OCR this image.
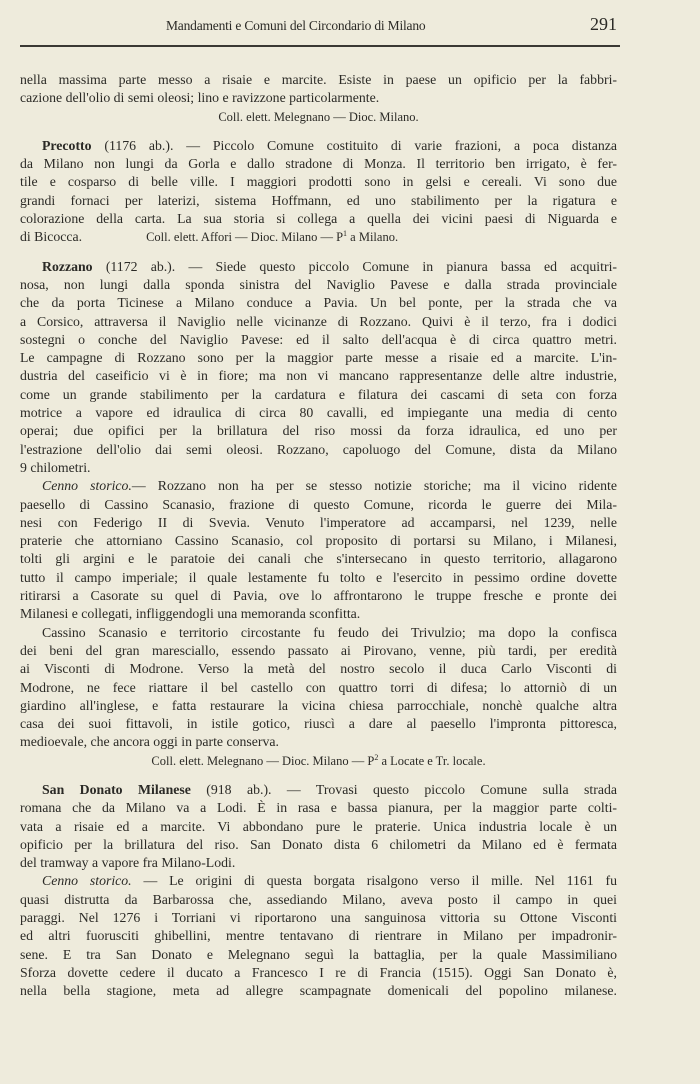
Mandamenti e Comuni del Circondario di Milano	291
nella massima parte messo a risaie e marcite. Esiste in paese un opificio per la fabbri-
cazione dell'olio di semi oleosi; lino e ravizzone particolarmente.
Coll. elett. Melegnano — Dioc. Milano.
Precotto (1176 ab.). — Piccolo Comune costituito di varie frazioni, a poca distanza
da Milano non lungi da Gorla e dallo stradone di Monza. Il territorio ben irrigato, è fer-
tile e cosparso di belle ville. I maggiori prodotti sono in gelsi e cereali. Vi sono due
grandi fornaci per laterizi, sistema Hoffmann, ed uno stabilimento per la rigatura e
colorazione della carta. La sua storia si collega a quella dei vicini paesi di Niguarda e
di Bicocca.	Coll. elett. Affori — Dioc. Milano — $P^1$ a Milano.
Rozzano (1172 ab.). — Siede questo piccolo Comune in pianura bassa ed acquitri-
nosa, non lungi dalla sponda sinistra del Naviglio Pavese e dalla strada provinciale
che da porta Ticinese a Milano conduce a Pavia. Un bel ponte, per la strada che va
a Corsico, attraversa il Naviglio nelle vicinanze di Rozzano. Quivi è il terzo, fra i dodici
sostegni o conche del Naviglio Pavese: ed il salto dell'acqua è di circa quattro metri.
Le campagne di Rozzano sono per la maggior parte messe a risaie ed a marcite. L'in-
dustria del caseificio vi è in fiore; ma non vi mancano rappresentanze delle altre industrie,
come un grande stabilimento per la cardatura e filatura dei cascami di seta con forza
motrice a vapore ed idraulica di circa 80 cavalli, ed impiegante una media di cento
operai; due opifici per la brillatura del riso mossi da forza idraulica, ed uno per
l'estrazione dell'olio dai semi oleosi. Rozzano, capoluogo del Comune, dista da Milano
9 chilometri.
Cenno storico.— Rozzano non ha per se stesso notizie storiche; ma il vicino ridente
paesello di Cassino Scanasio, frazione di questo Comune, ricorda le guerre dei Mila-
nesi con Federigo II di Svevia. Venuto l'imperatore ad accamparsi, nel 1239, nelle
praterie che attorniano Cassino Scanasio, col proposito di portarsi su Milano, i Milanesi,
tolti gli argini e le paratoie dei canali che s'intersecano in questo territorio, allagarono
tutto il campo imperiale; il quale lestamente fu tolto e l'esercito in pessimo ordine dovette
ritirarsi a Casorate su quel di Pavia, ove lo affrontarono le truppe fresche e pronte dei
Milanesi e collegati, infliggendogli una memoranda sconfitta.
Cassino Scanasio e territorio circostante fu feudo dei Trivulzio; ma dopo la confisca
dei beni del gran maresciallo, essendo passato ai Pirovano, venne, più tardi, per eredità
ai Visconti di Modrone. Verso la metà del nostro secolo il duca Carlo Visconti di
Modrone, ne fece riattare il bel castello con quattro torri di difesa; lo attorniò di un
giardino all'inglese, e fatta restaurare la vicina chiesa parrocchiale, nonchè qualche altra
casa dei suoi fittavoli, in istile gotico, riuscì a dare al paesello l'impronta pittoresca,
medioevale, che ancora oggi in parte conserva.
Coll. elett. Melegnano — Dioc. Milano — $P^2$ a Locate e Tr. locale.
San Donato Milanese (918 ab.). — Trovasi questo piccolo Comune sulla strada
romana che da Milano va a Lodi. È in rasa e bassa pianura, per la maggior parte colti-
vata a risaie ed a marcite. Vi abbondano pure le praterie. Unica industria locale è un
opificio per la brillatura del riso. San Donato dista 6 chilometri da Milano ed è fermata
del tramway a vapore fra Milano-Lodi.
Cenno storico. — Le origini di questa borgata risalgono verso il mille. Nel 1161 fu
quasi distrutta da Barbarossa che, assediando Milano, aveva posto il campo in quei
paraggi. Nel 1276 i Torriani vi riportarono una sanguinosa vittoria su Ottone Visconti
ed altri fuorusciti ghibellini, mentre tentavano di rientrare in Milano per impadronir-
sene. E tra San Donato e Melegnano seguì la battaglia, per la quale Massimiliano
Sforza dovette cedere il ducato a Francesco I re di Francia (1515). Oggi San Donato è,
nella bella stagione, meta ad allegre scampagnate domenicali del popolino milanese.
